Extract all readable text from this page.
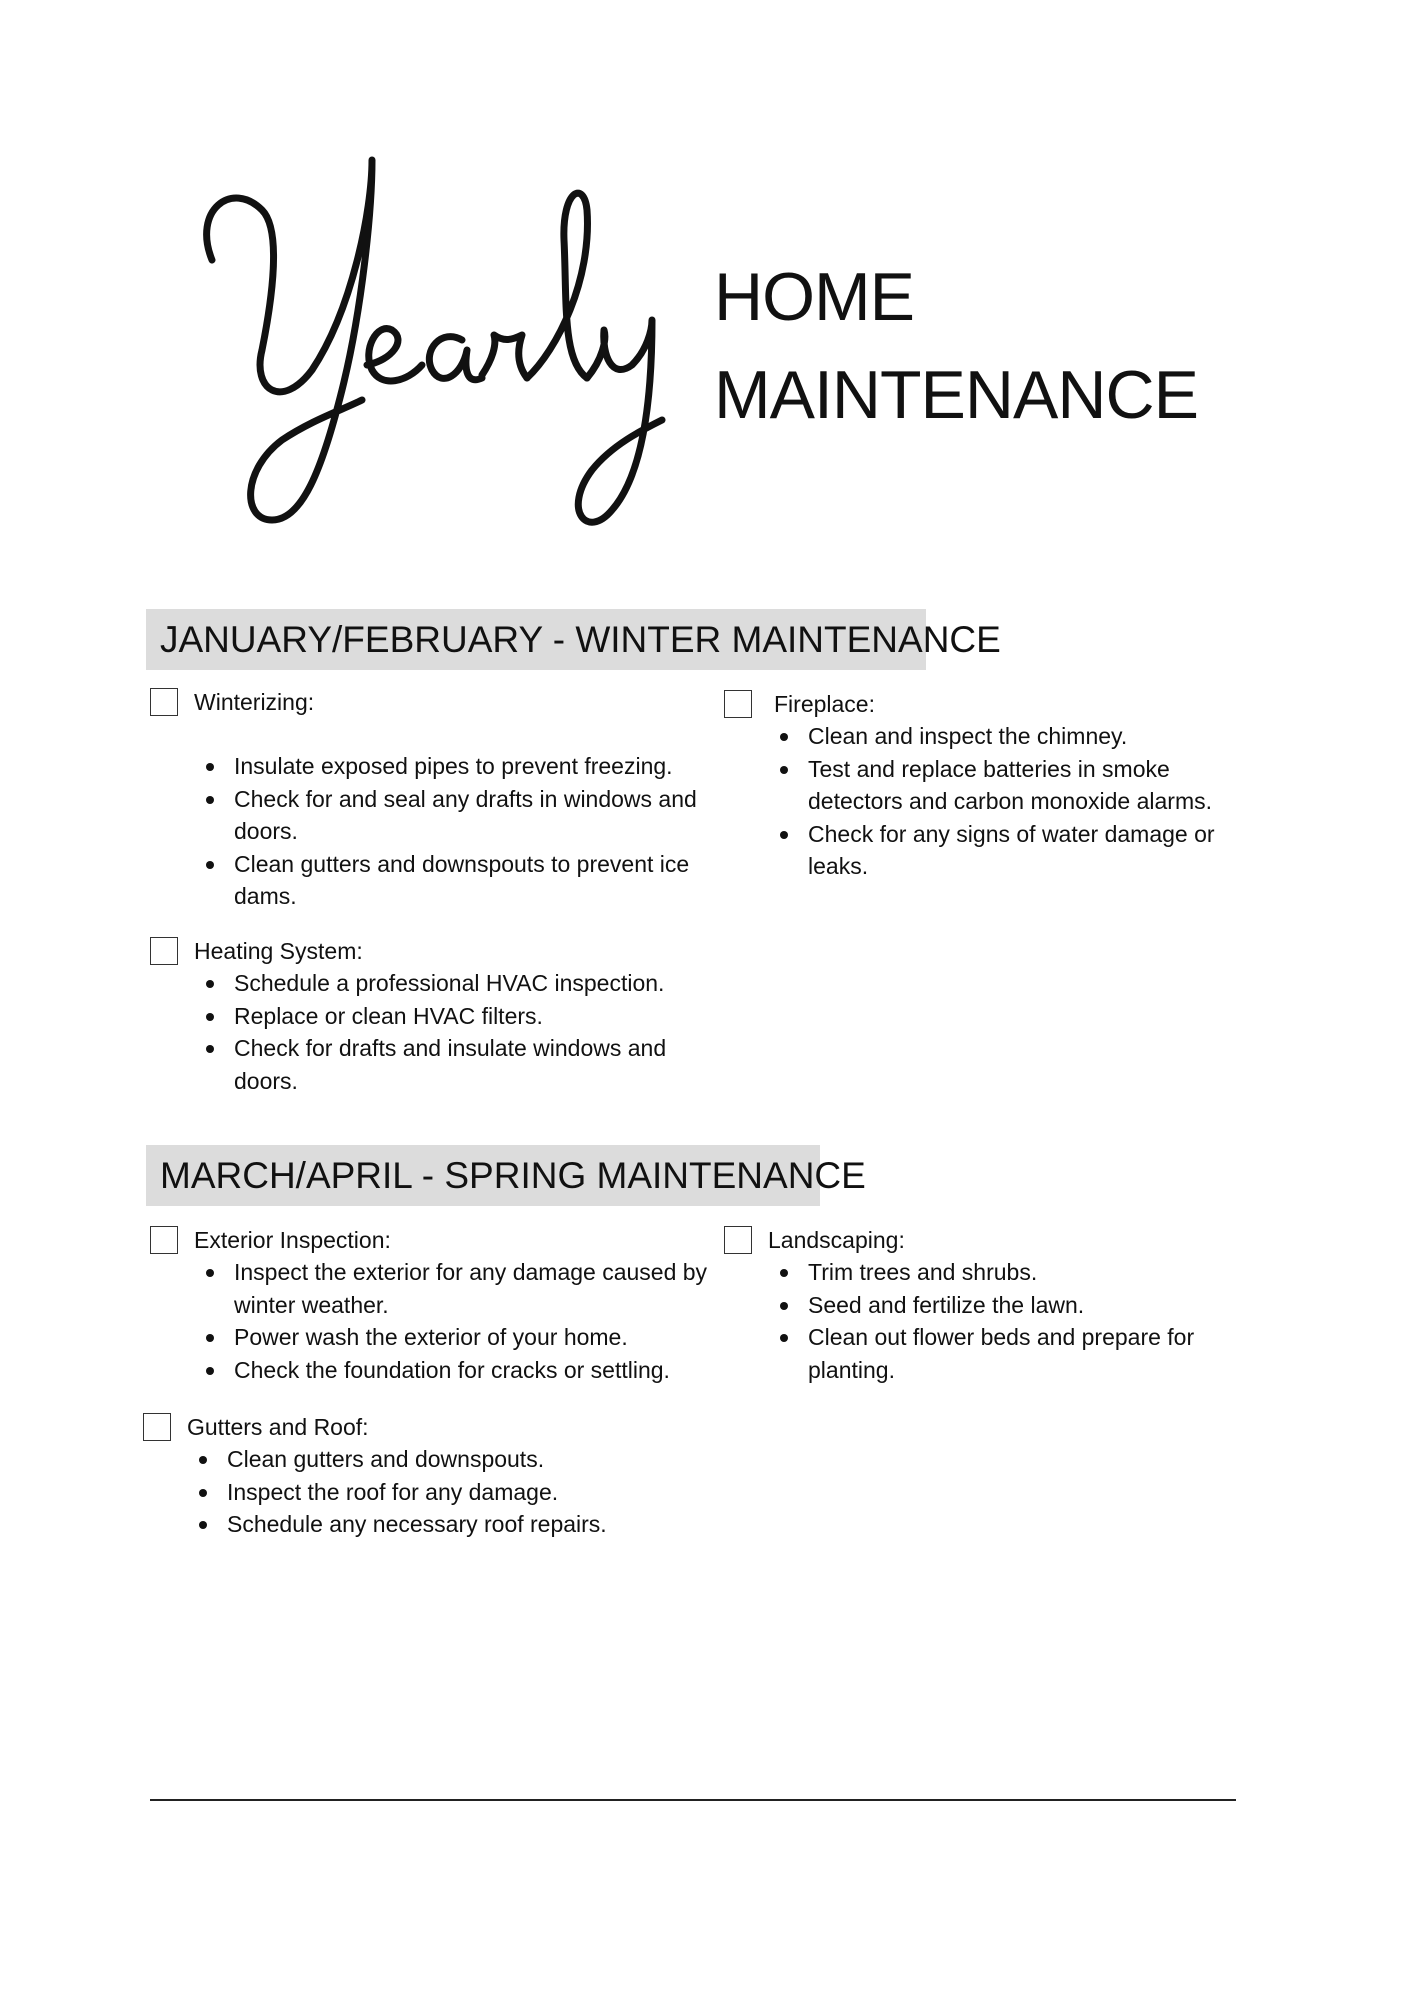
HOME
MAINTENANCE
JANUARY/FEBRUARY - WINTER MAINTENANCE
Winterizing:
Insulate exposed pipes to prevent freezing.
Check for and seal any drafts in windows and doors.
Clean gutters and downspouts to prevent ice dams.
Fireplace:
Clean and inspect the chimney.
Test and replace batteries in smoke detectors and carbon monoxide alarms.
Check for any signs of water damage or leaks.
Heating System:
Schedule a professional HVAC inspection.
Replace or clean HVAC filters.
Check for drafts and insulate windows and doors.
MARCH/APRIL - SPRING MAINTENANCE
Exterior Inspection:
Inspect the exterior for any damage caused by winter weather.
Power wash the exterior of your home.
Check the foundation for cracks or settling.
Landscaping:
Trim trees and shrubs.
Seed and fertilize the lawn.
Clean out flower beds and prepare for planting.
Gutters and Roof:
Clean gutters and downspouts.
Inspect the roof for any damage.
Schedule any necessary roof repairs.
